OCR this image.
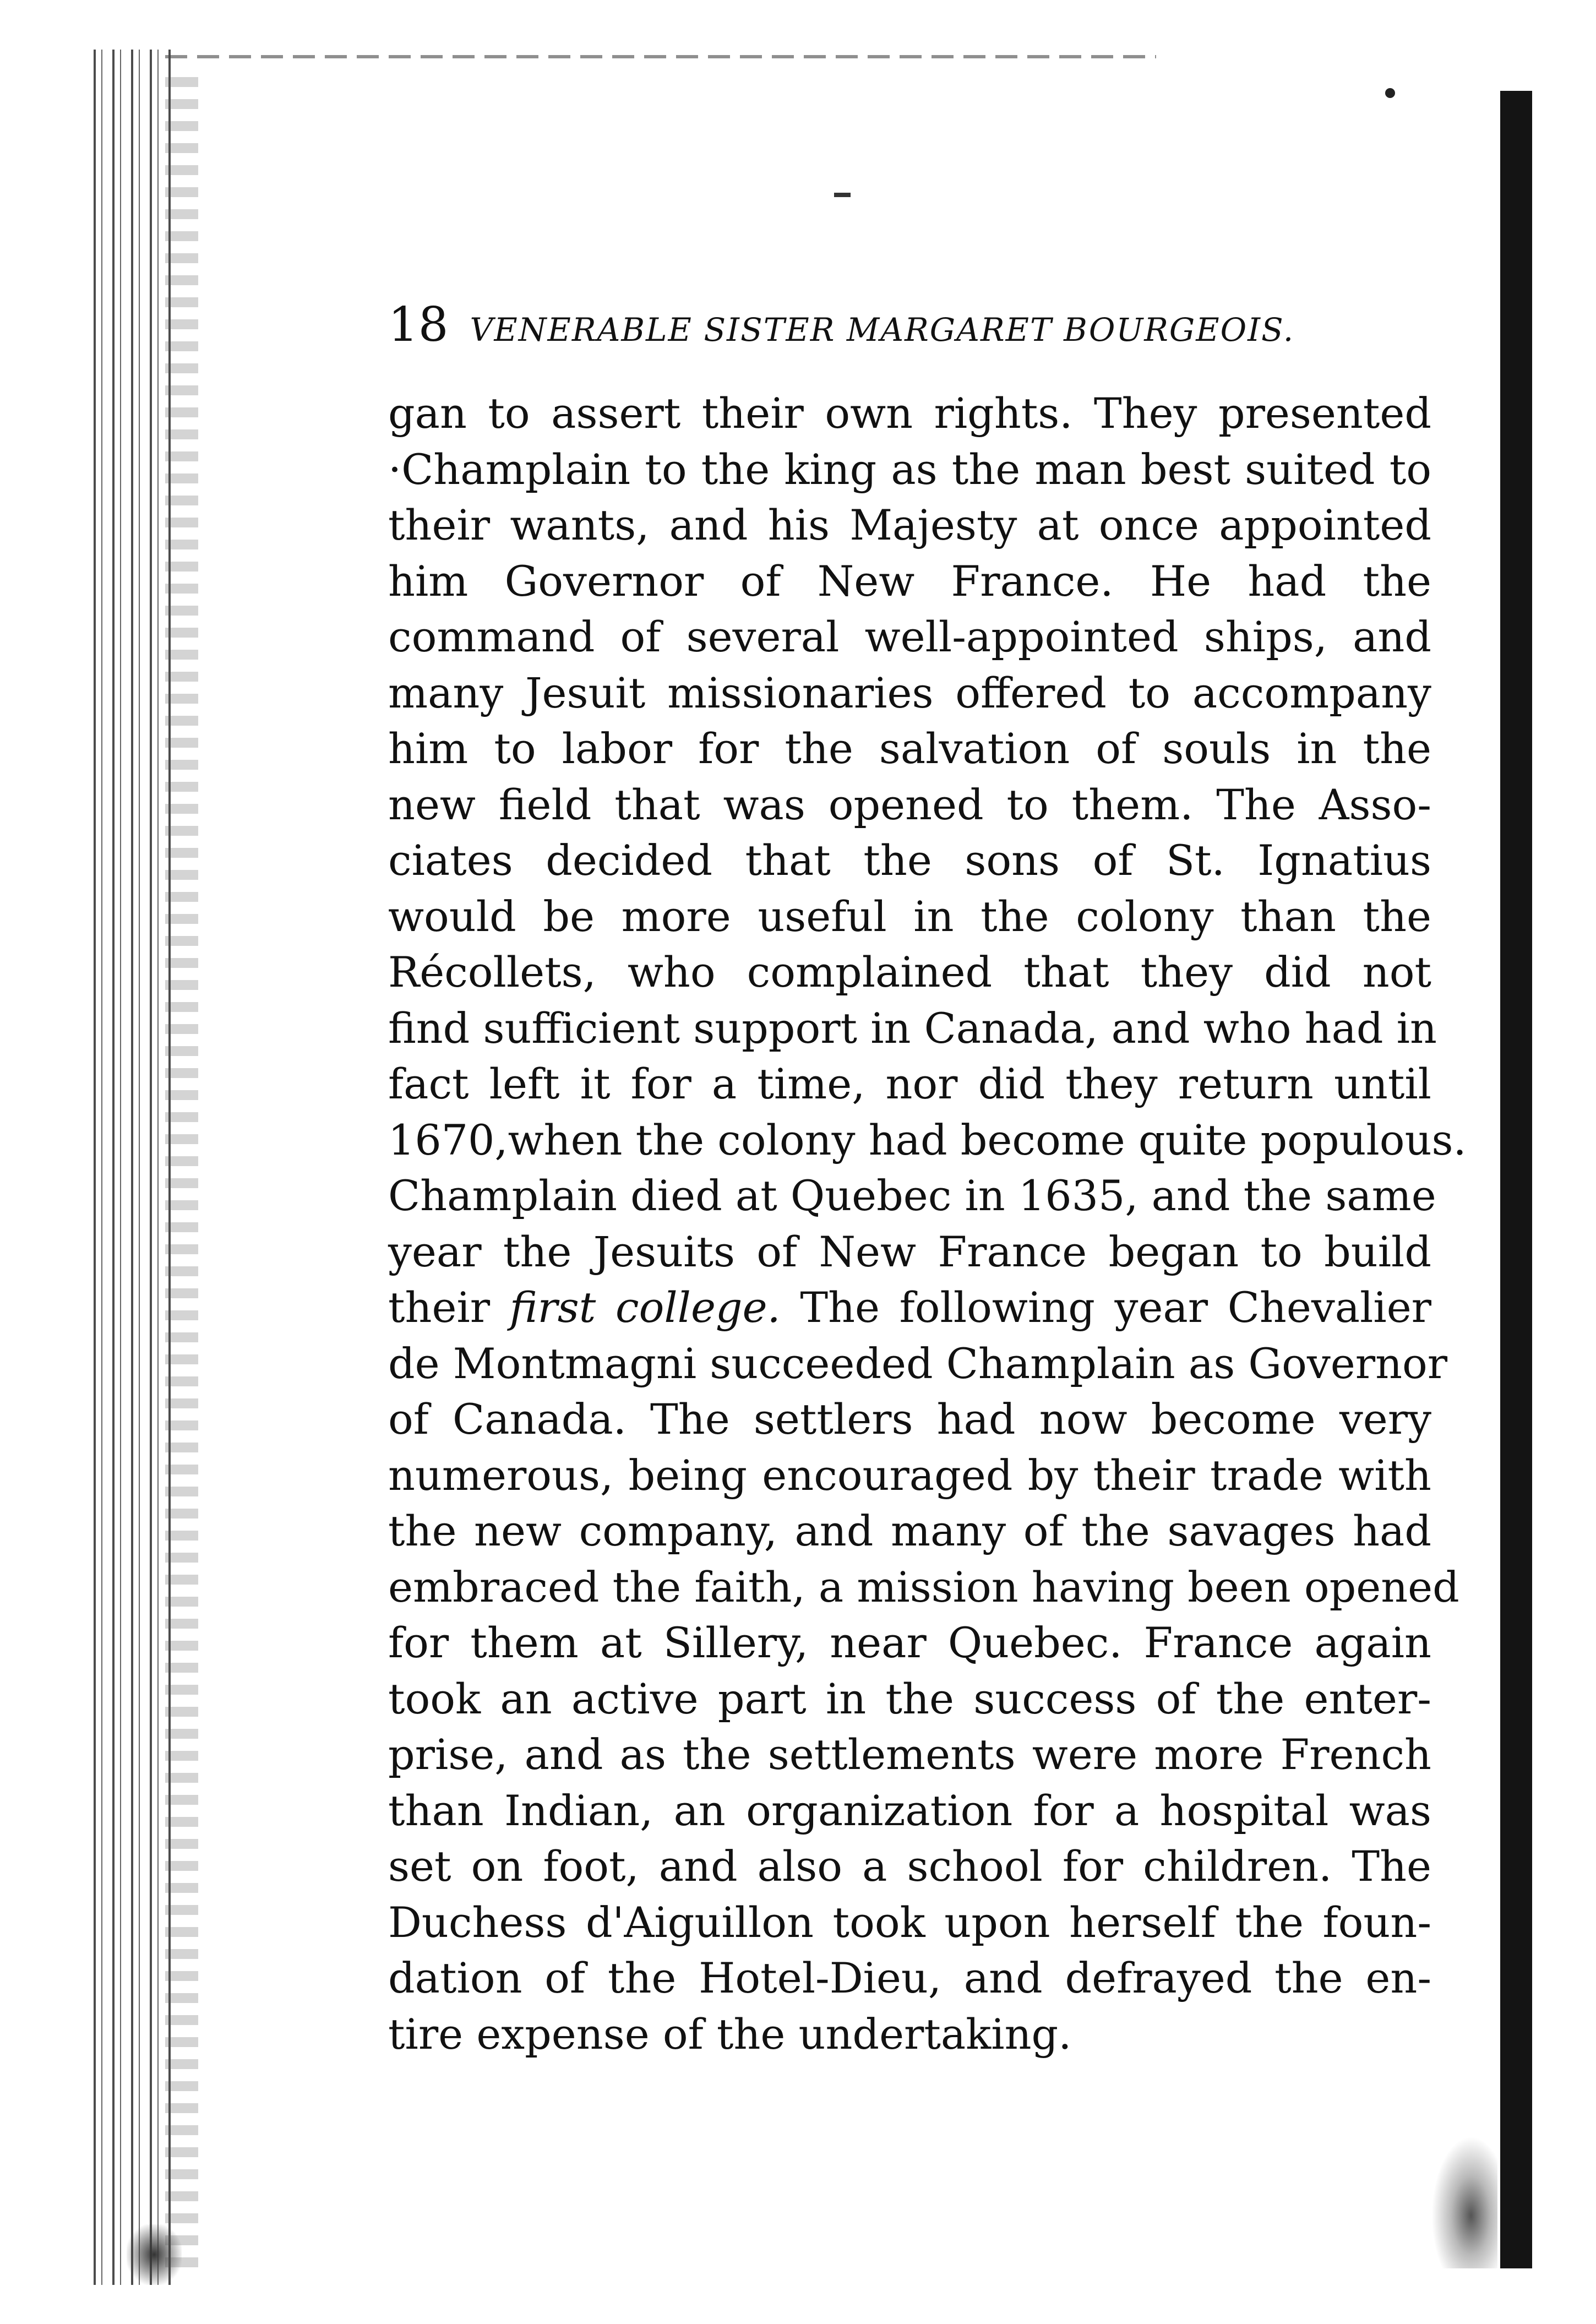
18 VENERABLE SISTER MARGARET BOURGEOIS.
gan to assert their own rights. They presented
·Champlain to the king as the man best suited to
their wants, and his Majesty at once appointed
him Governor of New France. He had the
command of several well-appointed ships, and
many Jesuit missionaries offered to accompany
him to labor for the salvation of souls in the
new field that was opened to them. The Asso-
ciates decided that the sons of St. Ignatius
would be more useful in the colony than the
Récollets, who complained that they did not
find sufficient support in Canada, and who had in
fact left it for a time, nor did they return until
1670,when the colony had become quite populous.
Champlain died at Quebec in 1635, and the same
year the Jesuits of New France began to build
their first college. The following year Chevalier
de Montmagni succeeded Champlain as Governor
of Canada. The settlers had now become very
numerous, being encouraged by their trade with
the new company, and many of the savages had
embraced the faith, a mission having been opened
for them at Sillery, near Quebec. France again
took an active part in the success of the enter-
prise, and as the settlements were more French
than Indian, an organization for a hospital was
set on foot, and also a school for children. The
Duchess d'Aiguillon took upon herself the foun-
dation of the Hotel-Dieu, and defrayed the en-
tire expense of the undertaking.
